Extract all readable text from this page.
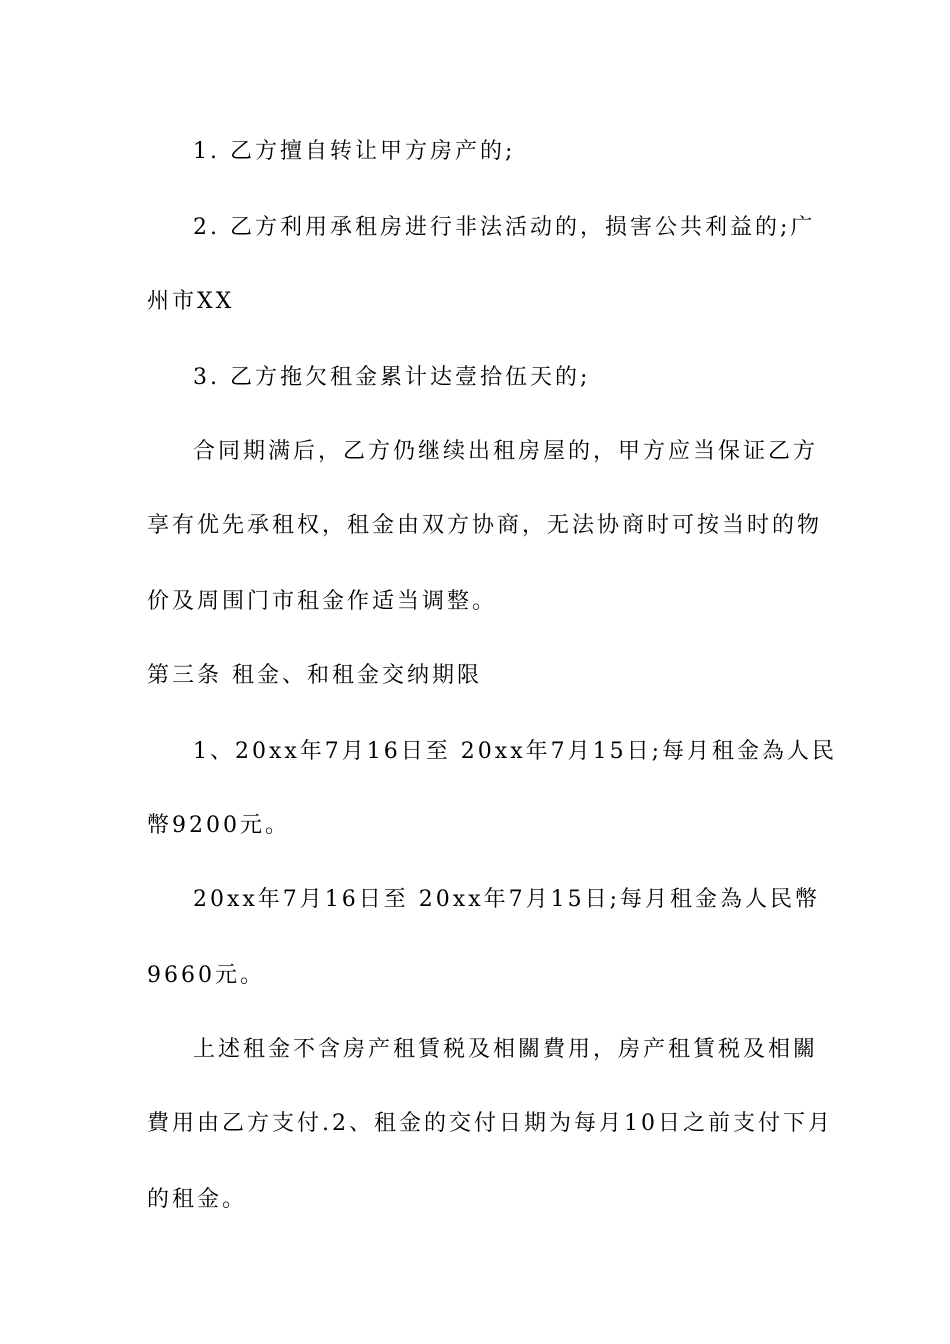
1. 乙方擅自转让甲方房产的;
2. 乙方利用承租房进行非法活动的，损害公共利益的;广
州市XX
3. 乙方拖欠租金累计达壹拾伍天的;
合同期满后，乙方仍继续出租房屋的，甲方应当保证乙方
享有优先承租权，租金由双方协商，无法协商时可按当时的物
价及周围门市租金作适当调整。
第三条 租金、和租金交纳期限
1、20xx年7月16日至 20xx年7月15日;每月租金為人民
幣9200元。
20xx年7月16日至 20xx年7月15日;每月租金為人民幣
9660元。
上述租金不含房产租賃税及相關費用，房产租賃税及相關
費用由乙方支付.2、租金的交付日期为每月10日之前支付下月
的租金。
